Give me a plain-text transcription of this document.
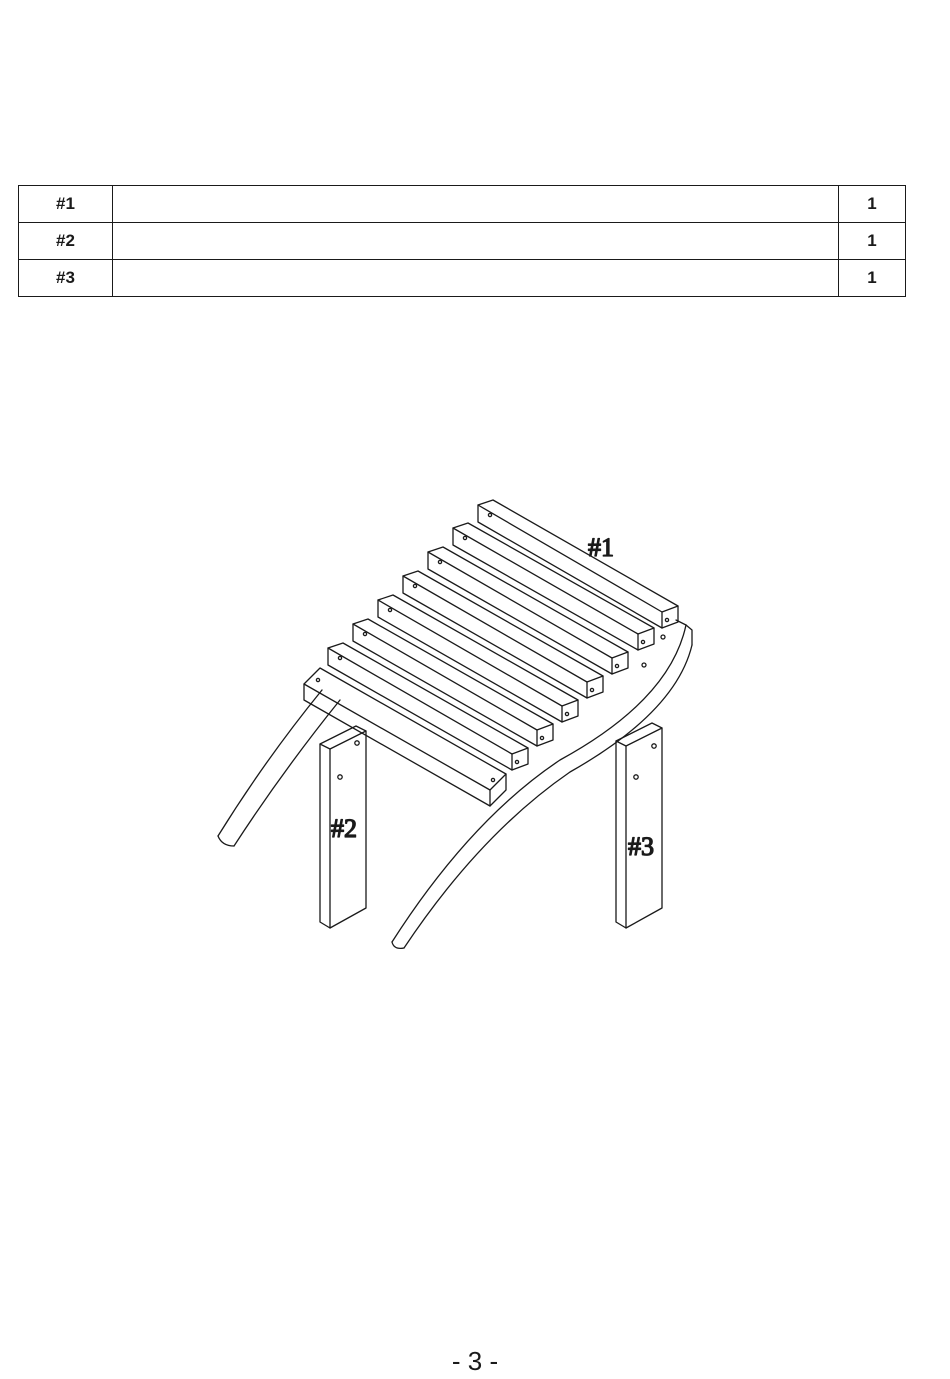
#1		1
#2		1
#3		1
#1
#2
#3
- 3 -
